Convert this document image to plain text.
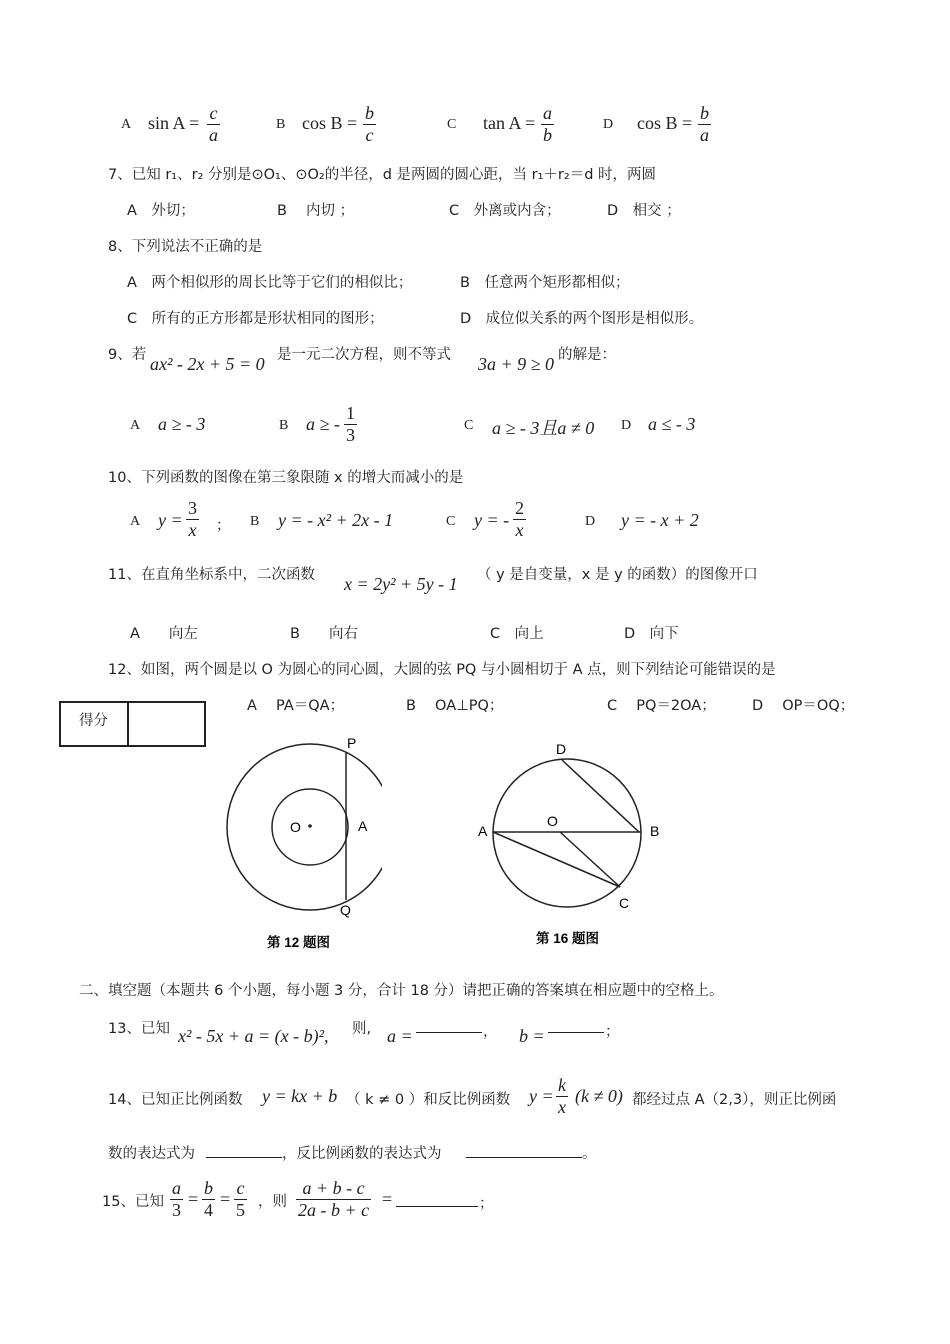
A $\sin A = \frac{c}{a}$	B $\cos B = \frac{b}{c}$	C $\tan A = \frac{a}{b}$	D $\cos B = \frac{b}{a}$
7、已知 r₁、r₂ 分别是⊙O₁、⊙O₂的半径，d 是两圆的圆心距，当 r₁＋r₂＝d 时，两圆
A　外切；	B　 内切 ；	C　外离或内含；	D　相交 ；
8、下列说法不正确的是
A　两个相似形的周长比等于它们的相似比；	B　任意两个矩形都相似；
C　所有的正方形都是形状相同的图形；	D　成位似关系的两个图形是相似形。
9、若 ax² - 2x + 5 = 0 是一元二次方程，则不等式 3a + 9 ≥ 0 的解是：
A a ≥ - 3	B a ≥ - $\frac{1}{3}$	C a ≥ - 3且a ≠ 0 D a ≤ - 3
10、下列函数的图像在第三象限随 x 的增大而减小的是
A $y = \frac{3}{x}$ ； B y = - x² + 2x - 1	C y = - $\frac{2}{x}$	D y = - x + 2
11、在直角坐标系中，二次函数 x = 2y² + 5y - 1 （ y 是自变量，x 是 y 的函数）的图像开口
A　　向左	B　　向右	C　向上	D　向下
12、如图，两个圆是以 O 为圆心的同心圆，大圆的弦 PQ 与小圆相切于 A 点，则下列结论可能错误的是
A　 PA＝QA；	B　 OA⊥PQ；	C　 PQ＝2OA；	D　 OP＝OQ；
得分
P
O	A
Q
第 12 题图
D
O
A	B
C
第 16 题图
二、填空题（本题共 6 个小题，每小题 3 分，合计 18 分）请把正确的答案填在相应题中的空格上。
13、已知 x² - 5x + a = (x - b)², 则, a =	， b =	；
14、已知正比例函数 y = kx + b （ k ≠ 0 ）和反比例函数 $y = \frac{k}{x} (k \ne 0)$ 都经过点 A（2,3），则正比例函
数的表达式为	，反比例函数的表达式为	。
15、已知 $\frac{a}{3} = \frac{b}{4} = \frac{c}{5}$ ，则 $\frac{a + b - c}{2a - b + c}$ =	；
